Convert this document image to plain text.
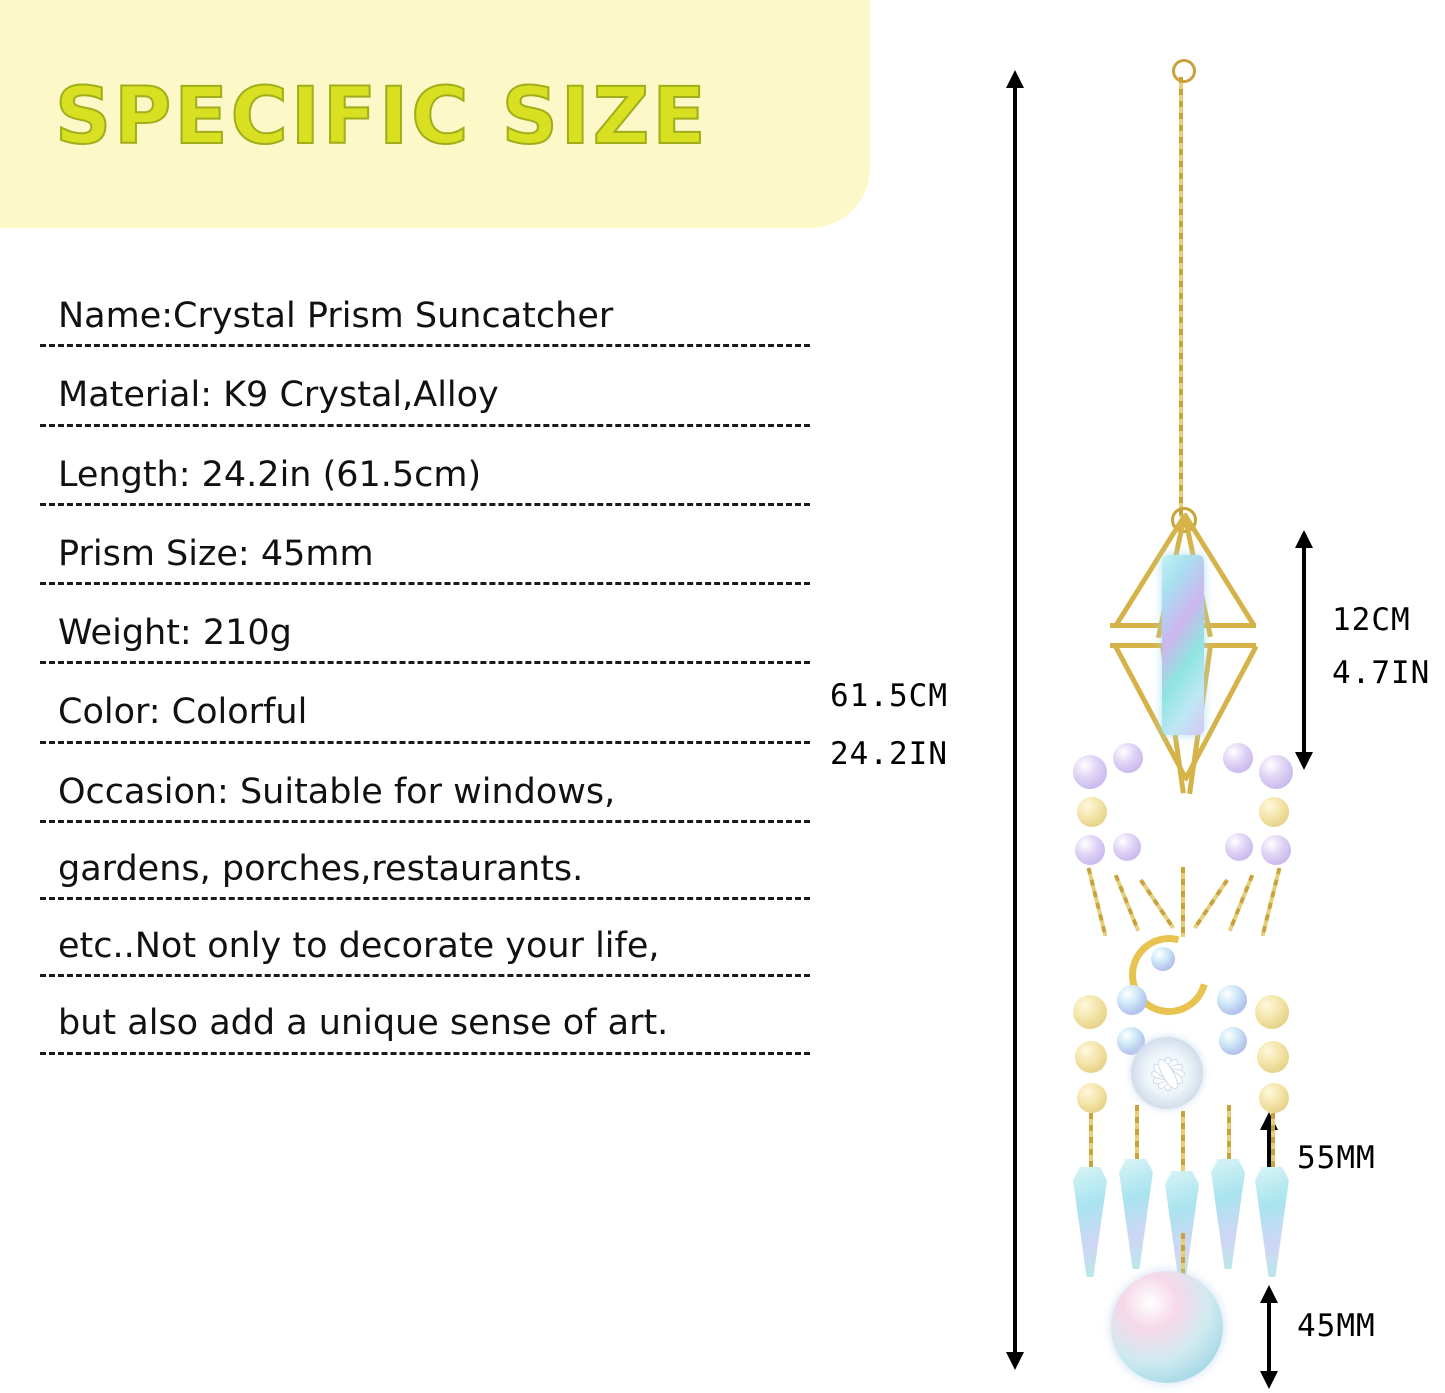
SPECIFIC SIZE
Name:Crystal Prism Suncatcher
Material: K9 Crystal,Alloy
Length: 24.2in (61.5cm)
Prism Size: 45mm
Weight: 210g
Color: Colorful
Occasion: Suitable for windows,
gardens, porches,restaurants.
etc..Not only to decorate your life,
but also add a unique sense of art.
61.5CM
24.2IN
12CM
4.7IN
55MM
45MM
